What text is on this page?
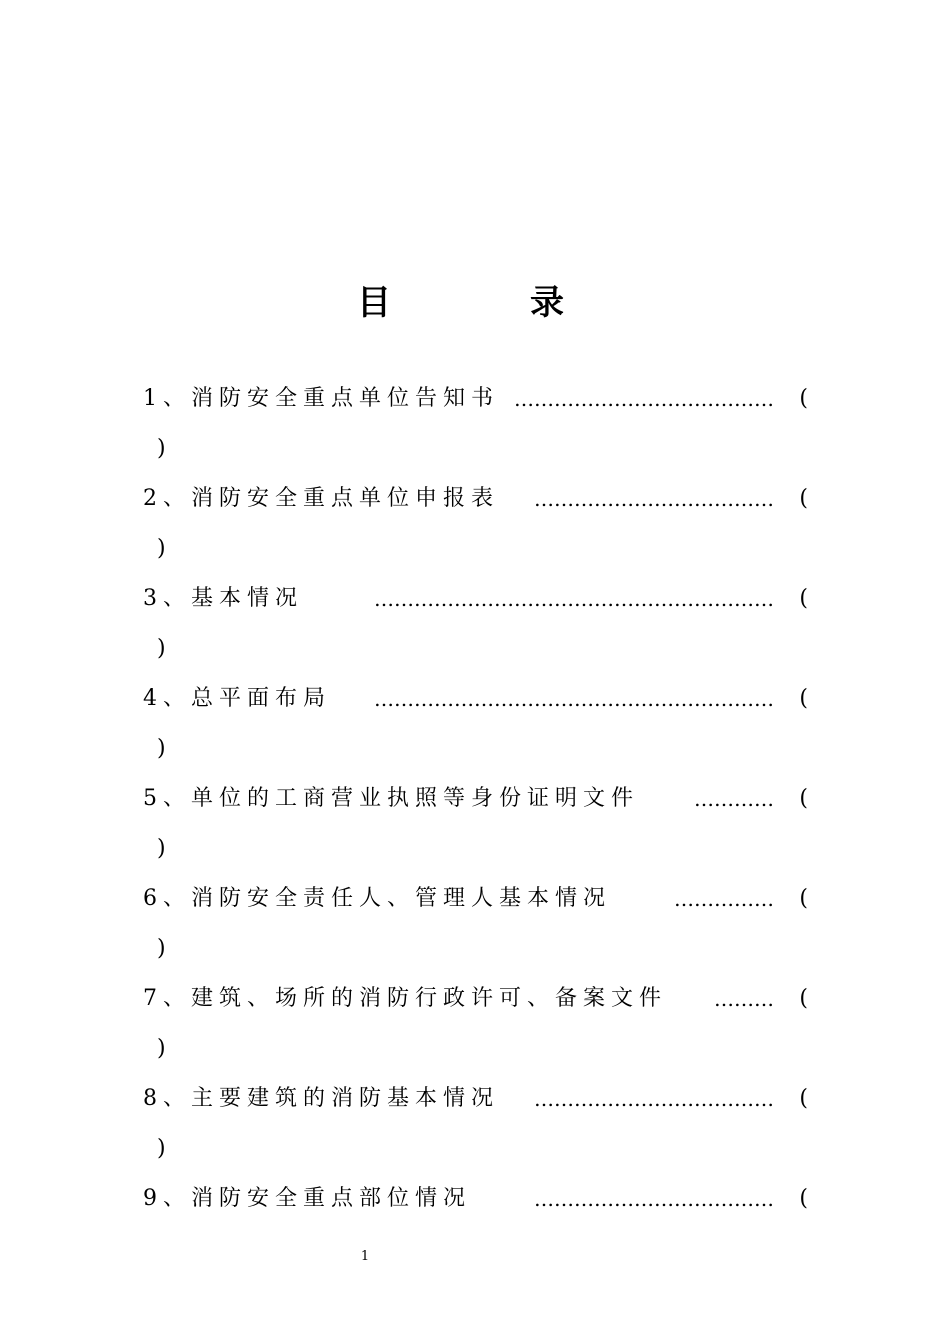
目	录
1、消防安全重点单位告知书 …………………………………	(
)
2、消防安全重点单位申报表 ………………………………	(
)
3、基本情况	……………………………………………………	(
)
4、总平面布局 ……………………………………………………	(
)
5、单位的工商营业执照等身份证明文件	…………	(
)
6、消防安全责任人、管理人基本情况	……………	(
)
7、建筑、场所的消防行政许可、备案文件 ………	(
)
8、主要建筑的消防基本情况 ………………………………	(
)
9、消防安全重点部位情况	………………………………	(
1
